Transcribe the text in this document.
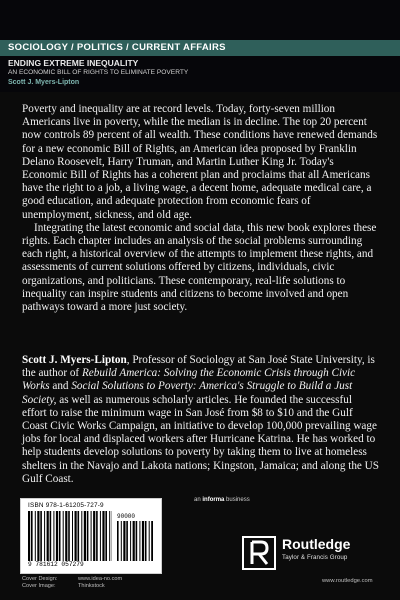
SOCIOLOGY / POLITICS / CURRENT AFFAIRS
ENDING EXTREME INEQUALITY
AN ECONOMIC BILL OF RIGHTS TO ELIMINATE POVERTY
Scott J. Myers-Lipton

Poverty and inequality are at record levels. Today, forty-seven million Americans live in poverty, while the median is in decline. The top 20 percent now controls 89 percent of all wealth. These conditions have renewed demands for a new economic Bill of Rights, an American idea proposed by Franklin Delano Roosevelt, Harry Truman, and Martin Luther King Jr. Today's Economic Bill of Rights has a coherent plan and proclaims that all Americans have the right to a job, a living wage, a decent home, adequate medical care, a good education, and adequate protection from economic fears of unemployment, sickness, and old age.

Integrating the latest economic and social data, this new book explores these rights. Each chapter includes an analysis of the social problems surrounding each right, a historical overview of the attempts to implement these rights, and assessments of current solutions offered by citizens, individuals, civic organizations, and politicians. These contemporary, real-life solutions to inequality can inspire students and citizens to become involved and open pathways toward a more just society.

Scott J. Myers-Lipton, Professor of Sociology at San José State University, is the author of Rebuild America: Solving the Economic Crisis through Civic Works and Social Solutions to Poverty: America's Struggle to Build a Just Society, as well as numerous scholarly articles. He founded the successful effort to raise the minimum wage in San José from $8 to $10 and the Gulf Coast Civic Works Campaign, an initiative to develop 100,000 prevailing wage jobs for local and displaced workers after Hurricane Katrina. He has worked to help students develop solutions to poverty by taking them to live at homeless shelters in the Navajo and Lakota nations; Kingston, Jamaica; and along the US Gulf Coast.
ISBN 978-1-61205-727-9
90000
9 781612 057279
Cover Design:	www.idea-no.com
Cover Image:	Thinkstock
an informa business
Routledge
Taylor & Francis Group
www.routledge.com
